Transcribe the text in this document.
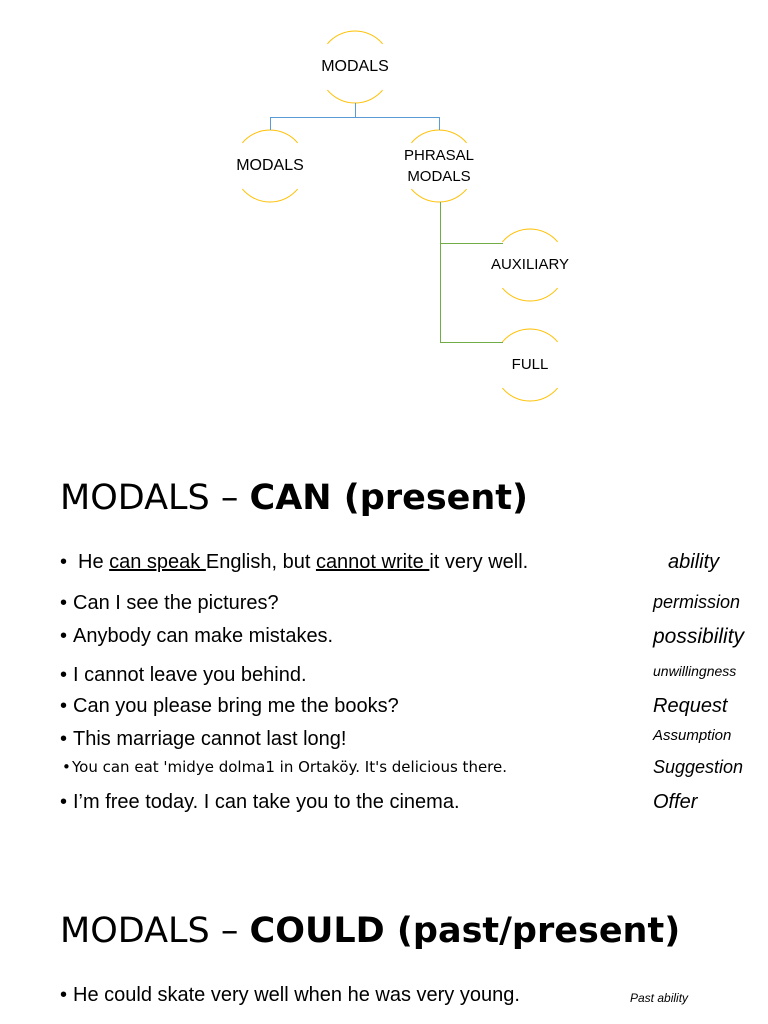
MODALS
MODALS
PHRASAL
MODALS
AUXILIARY
FULL
MODALS – CAN (present)
• He can speak English, but cannot write it very well.	ability
• Can I see the pictures?	permission
• Anybody can make mistakes.	possibility
• I cannot leave you behind.	unwillingness
• Can you please bring me the books?	Request
• This marriage cannot last long!	Assumption
• You can eat 'midye dolma1 in Ortaköy. It's delicious there.	Suggestion
• I’m free today. I can take you to the cinema.	Offer
MODALS – COULD (past/present)
• He could skate very well when he was very young.	Past ability
